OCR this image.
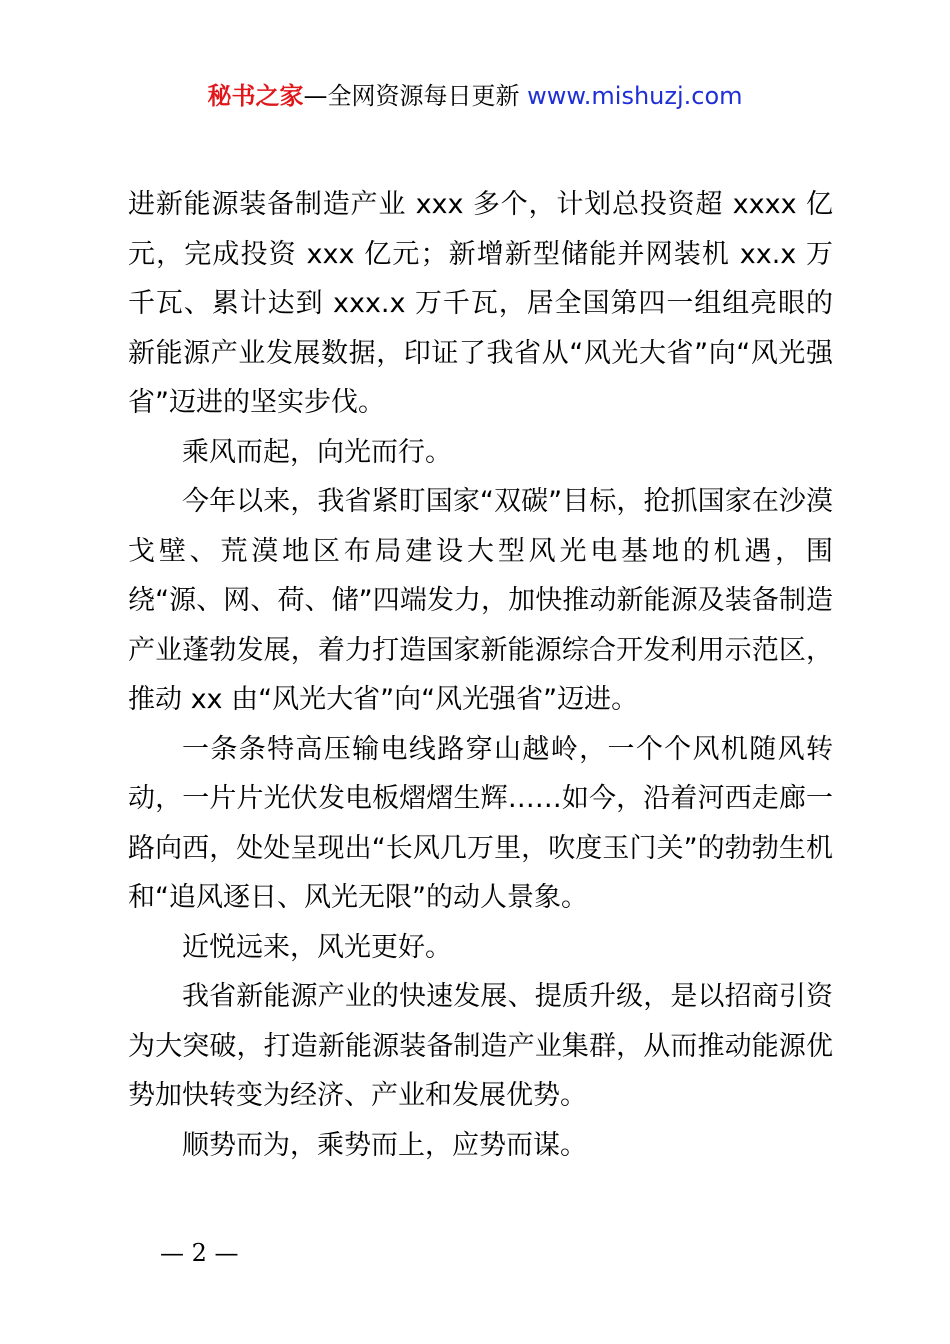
秘书之家—全网资源每日更新 www.mishuzj.com

进新能源装备制造产业 xxx 多个，计划总投资超 xxxx 亿元，完成投资 xxx 亿元；新增新型储能并网装机 xx.x 万千瓦、累计达到 xxx.x 万千瓦，居全国第四一组组亮眼的新能源产业发展数据，印证了我省从“风光大省”向“风光强省”迈进的坚实步伐。

乘风而起，向光而行。

今年以来，我省紧盯国家“双碳”目标，抢抓国家在沙漠戈壁、荒漠地区布局建设大型风光电基地的机遇，围绕“源、网、荷、储”四端发力，加快推动新能源及装备制造产业蓬勃发展，着力打造国家新能源综合开发利用示范区，推动 xx 由“风光大省”向“风光强省”迈进。

一条条特高压输电线路穿山越岭，一个个风机随风转动，一片片光伏发电板熠熠生辉……如今，沿着河西走廊一路向西，处处呈现出“长风几万里，吹度玉门关”的勃勃生机和“追风逐日、风光无限”的动人景象。

近悦远来，风光更好。

我省新能源产业的快速发展、提质升级，是以招商引资为大突破，打造新能源装备制造产业集群，从而推动能源优势加快转变为经济、产业和发展优势。

顺势而为，乘势而上，应势而谋。

— 2 —
